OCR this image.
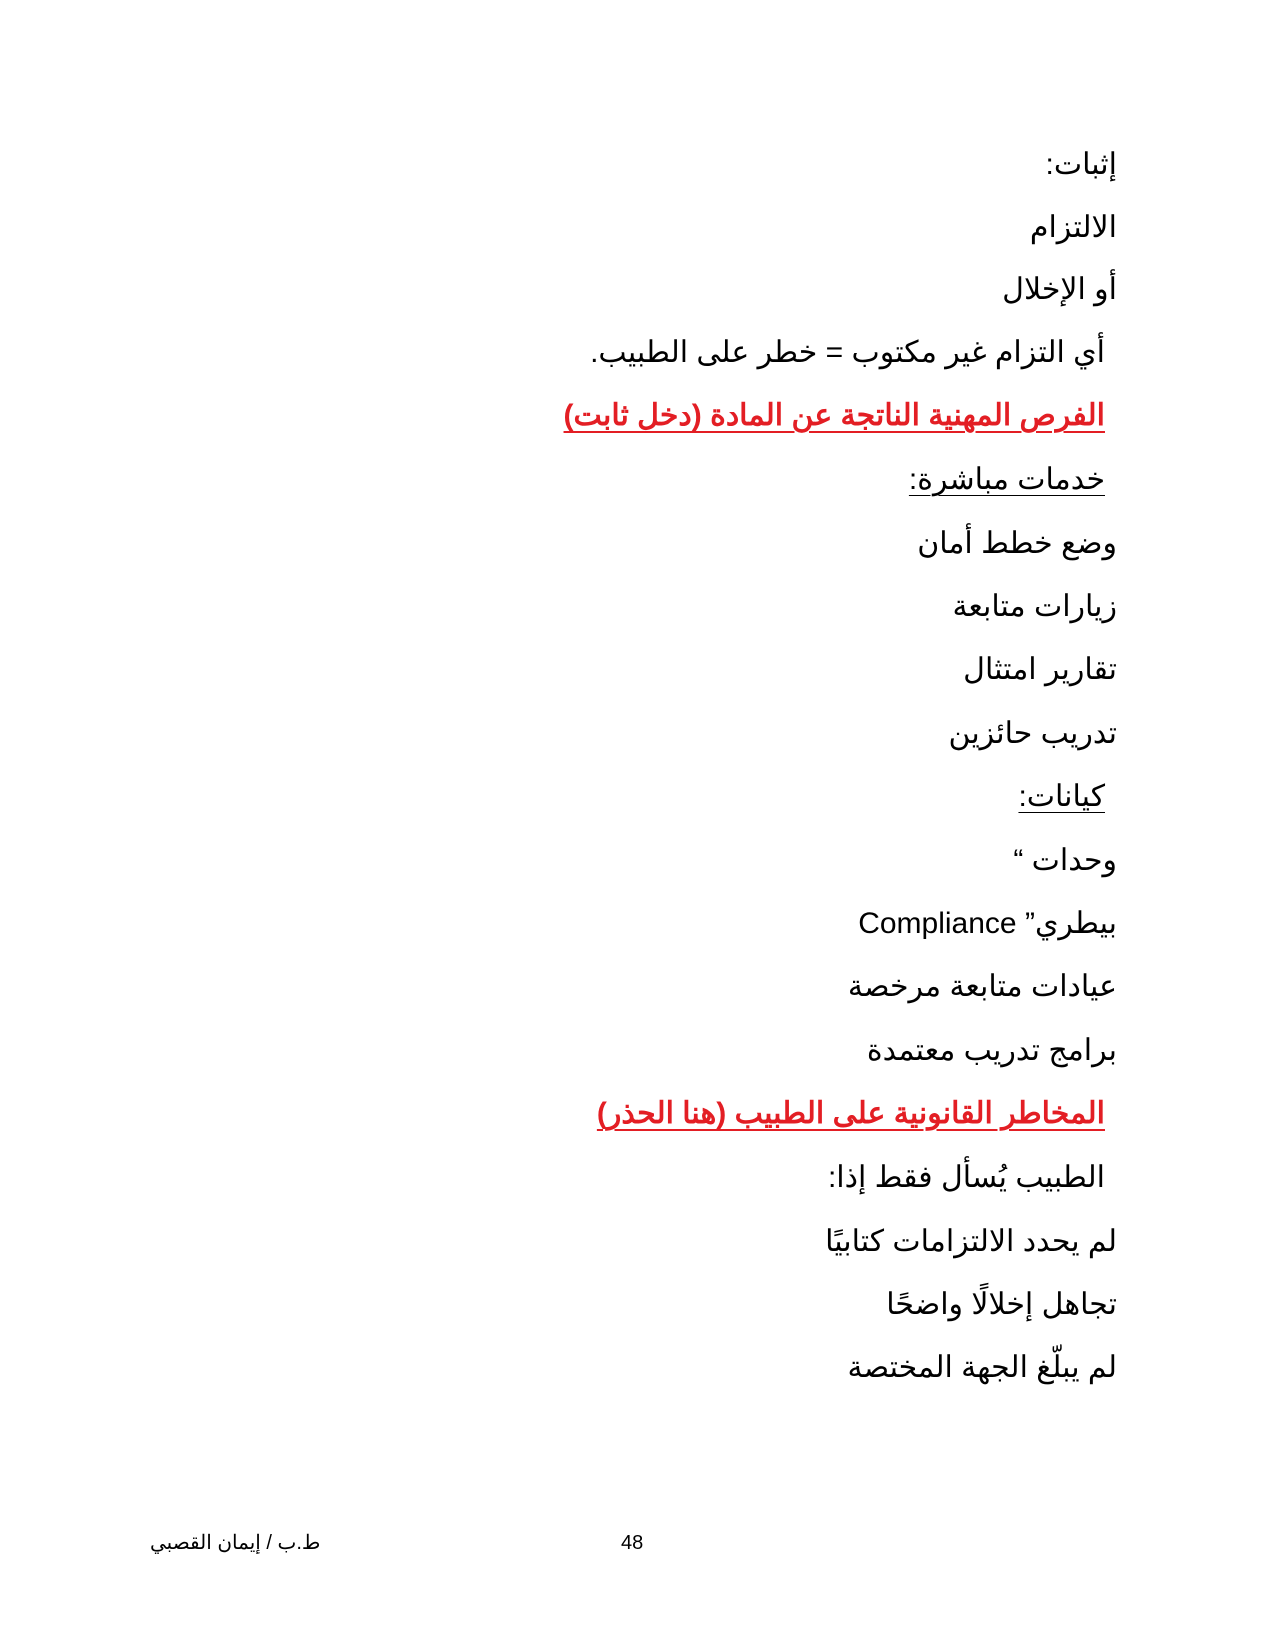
إثبات:
الالتزام
أو الإخلال
أي التزام غير مكتوب = خطر على الطبيب.
الفرص المهنية الناتجة عن المادة (دخل ثابت)
خدمات مباشرة:
وضع خطط أمان
زيارات متابعة
تقارير امتثال
تدريب حائزين
كيانات:
وحدات “
بيطري” Compliance
عيادات متابعة مرخصة
برامج تدريب معتمدة
المخاطر القانونية على الطبيب (هنا الحذر)
الطبيب يُسأل فقط إذا:
لم يحدد الالتزامات كتابيًا
تجاهل إخلالًا واضحًا
لم يبلّغ الجهة المختصة
ط.ب / إيمان القصبي	48
